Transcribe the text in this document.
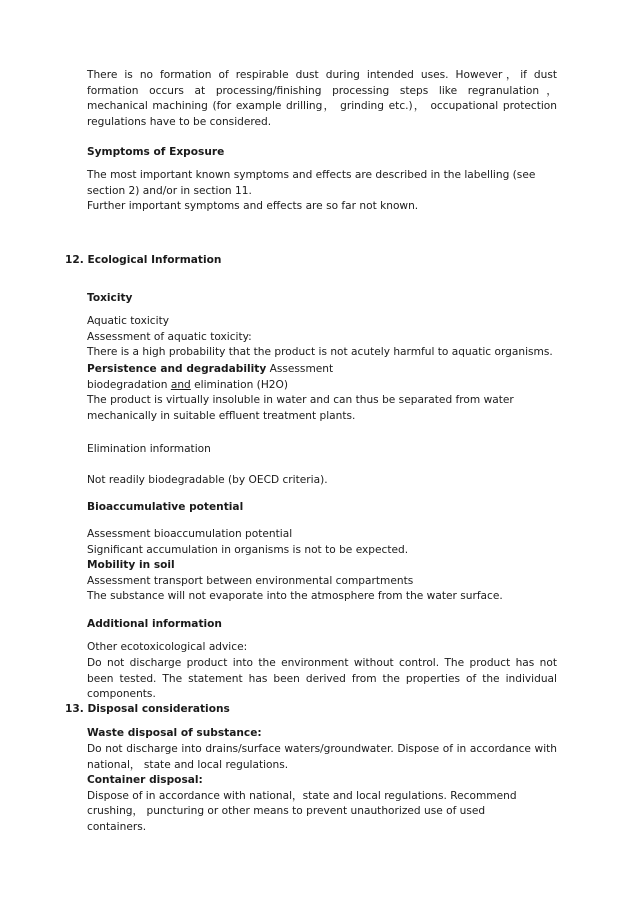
There is no formation of respirable dust during intended uses. However，if dust formation occurs at processing/finishing processing steps like regranulation， mechanical machining (for example drilling， grinding etc.)， occupational protection regulations have to be considered.
Symptoms of Exposure

The most important known symptoms and effects are described in the labelling (see

section 2) and/or in section 11.

Further important symptoms and effects are so far not known.

12. Ecological Information
Toxicity

Aquatic toxicity

Assessment of aquatic toxicity:

There is a high probability that the product is not acutely harmful to aquatic organisms.

Persistence and degradability Assessment

biodegradation and elimination (H2O)

The product is virtually insoluble in water and can thus be separated from water

mechanically in suitable effluent treatment plants.

Elimination information
Not readily biodegradable (by OECD criteria).
Bioaccumulative potential

Assessment bioaccumulation potential

Significant accumulation in organisms is not to be expected.

Mobility in soil

Assessment transport between environmental compartments

The substance will not evaporate into the atmosphere from the water surface.

Additional information
Other ecotoxicological advice:
Do not discharge product into the environment without control. The product has not been tested. The statement has been derived from the properties of the individual components.
13. Disposal considerations
Waste disposal of substance:
Do not discharge into drains/surface waters/groundwater. Dispose of in accordance with national， state and local regulations.

Container disposal:

Dispose of in accordance with national，state and local regulations. Recommend

crushing， puncturing or other means to prevent unauthorized use of used

containers.
